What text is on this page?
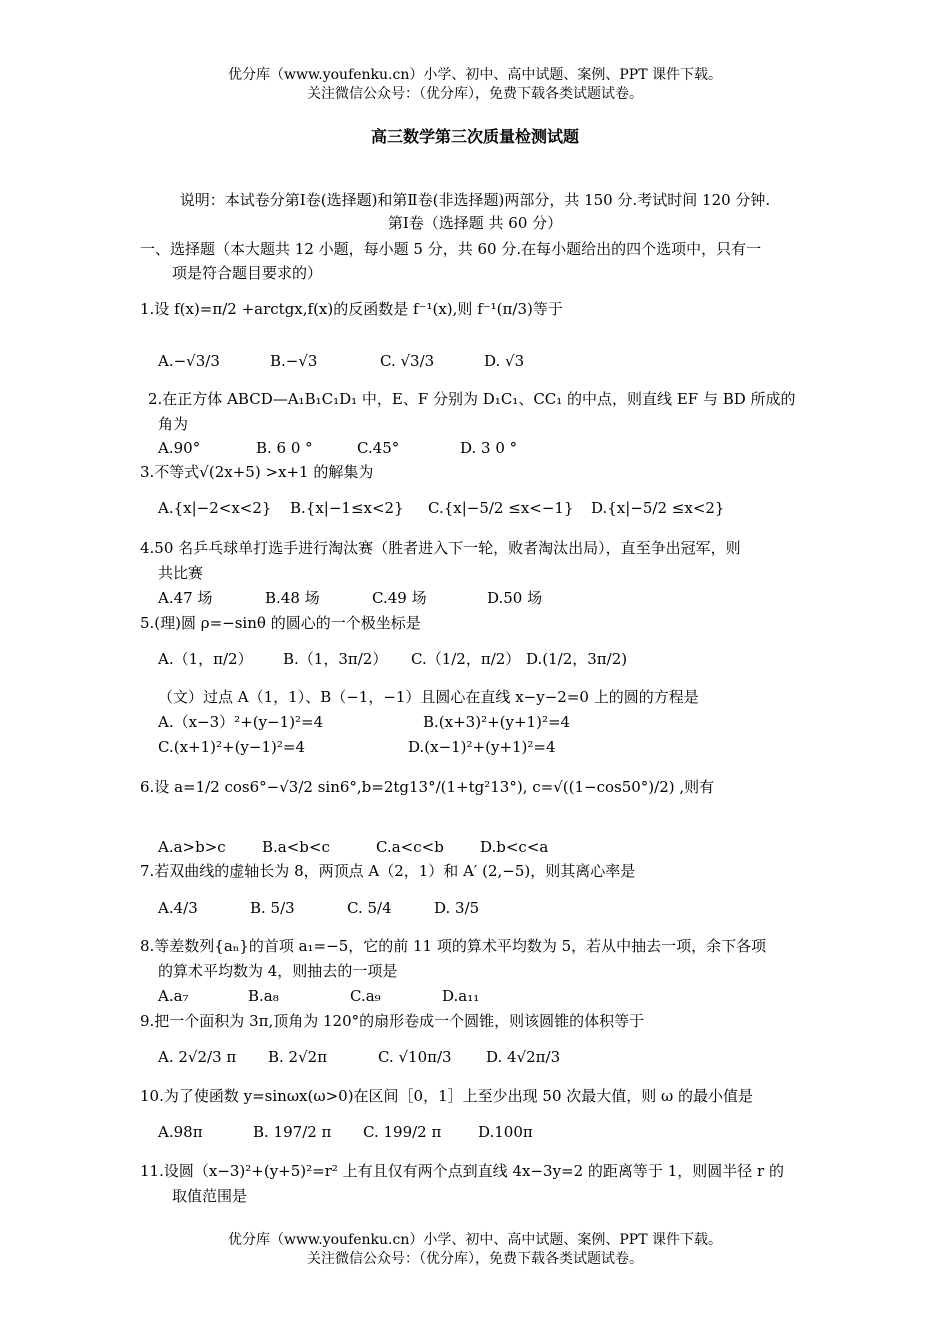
优分库（www.youfenku.cn）小学、初中、高中试题、案例、PPT 课件下载。
关注微信公众号：（优分库），免费下载各类试题试卷。
高三数学第三次质量检测试题
说明：本试卷分第Ⅰ卷(选择题)和第Ⅱ卷(非选择题)两部分，共 150 分.考试时间 120 分钟.
第Ⅰ卷（选择题 共 60 分）
一、选择题（本大题共 12 小题，每小题 5 分，共 60 分.在每小题给出的四个选项中，只有一
项是符合题目要求的）
1.设 f(x)=π/2 +arctgx,f(x)的反函数是 f⁻¹(x),则 f⁻¹(π/3)等于
A.−√3/3	B.−√3	C. √3/3	D. √3
2.在正方体 ABCD—A₁B₁C₁D₁ 中，E、F 分别为 D₁C₁、CC₁ 的中点，则直线 EF 与 BD 所成的
角为
A.90°	B. 6 0 °	C.45°	D. 3 0 °
3.不等式√(2x+5) >x+1 的解集为
A.{x|−2<x<2} B.{x|−1≤x<2} C.{x|−5/2 ≤x<−1} D.{x|−5/2 ≤x<2}
4.50 名乒乓球单打选手进行淘汰赛（胜者进入下一轮，败者淘汰出局），直至争出冠军，则
共比赛
A.47 场	B.48 场	C.49 场	D.50 场
5.(理)圆 ρ=−sinθ 的圆心的一个极坐标是
A.（1，π/2） B.（1，3π/2） C.（1/2，π/2） D.(1/2，3π/2)
（文）过点 A（1，1）、B（−1，−1）且圆心在直线 x−y−2=0 上的圆的方程是
A.（x−3）²+(y−1)²=4	B.(x+3)²+(y+1)²=4
C.(x+1)²+(y−1)²=4	D.(x−1)²+(y+1)²=4
6.设 a=1/2 cos6°−√3/2 sin6°,b=2tg13°/(1+tg²13°), c=√((1−cos50°)/2) ,则有
A.a>b>c B.a<b<c	C.a<c<b D.b<c<a
7.若双曲线的虚轴长为 8，两顶点 A（2，1）和 A′ (2,−5)，则其离心率是
A.4/3	B. 5/3	C. 5/4	D. 3/5
8.等差数列{aₙ}的首项 a₁=−5，它的前 11 项的算术平均数为 5，若从中抽去一项，余下各项
的算术平均数为 4，则抽去的一项是
A.a₇	B.a₈	C.a₉	D.a₁₁
9.把一个面积为 3π,顶角为 120°的扇形卷成一个圆锥，则该圆锥的体积等于
A. 2√2/3 π B. 2√2π	C. √10π/3 D. 4√2π/3
10.为了使函数 y=sinωx(ω>0)在区间［0，1］上至少出现 50 次最大值，则 ω 的最小值是
A.98π	B. 197/2 π C. 199/2 π D.100π
11.设圆（x−3)²+(y+5)²=r² 上有且仅有两个点到直线 4x−3y=2 的距离等于 1，则圆半径 r 的
取值范围是
优分库（www.youfenku.cn）小学、初中、高中试题、案例、PPT 课件下载。
关注微信公众号：（优分库），免费下载各类试题试卷。
